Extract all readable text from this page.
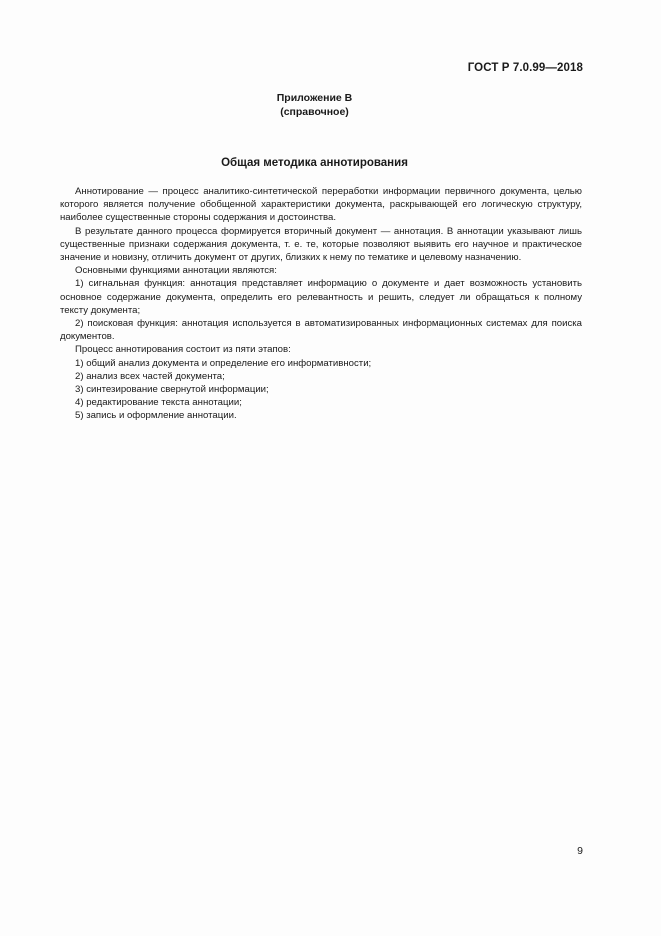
ГОСТ Р 7.0.99—2018
Приложение В
(справочное)
Общая методика аннотирования

Аннотирование — процесс аналитико-синтетической переработки информации первичного документа, целью которого является получение обобщенной характеристики документа, раскрывающей его логическую структуру, наиболее существенные стороны содержания и достоинства.

В результате данного процесса формируется вторичный документ — аннотация. В аннотации указывают лишь существенные признаки содержания документа, т. е. те, которые позволяют выявить его научное и практическое значение и новизну, отличить документ от других, близких к нему по тематике и целевому назначению.

Основными функциями аннотации являются:

1) сигнальная функция: аннотация представляет информацию о документе и дает возможность установить основное содержание документа, определить его релевантность и решить, следует ли обращаться к полному тексту документа;

2) поисковая функция: аннотация используется в автоматизированных информационных системах для поиска документов.

Процесс аннотирования состоит из пяти этапов:

1) общий анализ документа и определение его информативности;

2) анализ всех частей документа;

3) синтезирование свернутой информации;

4) редактирование текста аннотации;

5) запись и оформление аннотации.

9
